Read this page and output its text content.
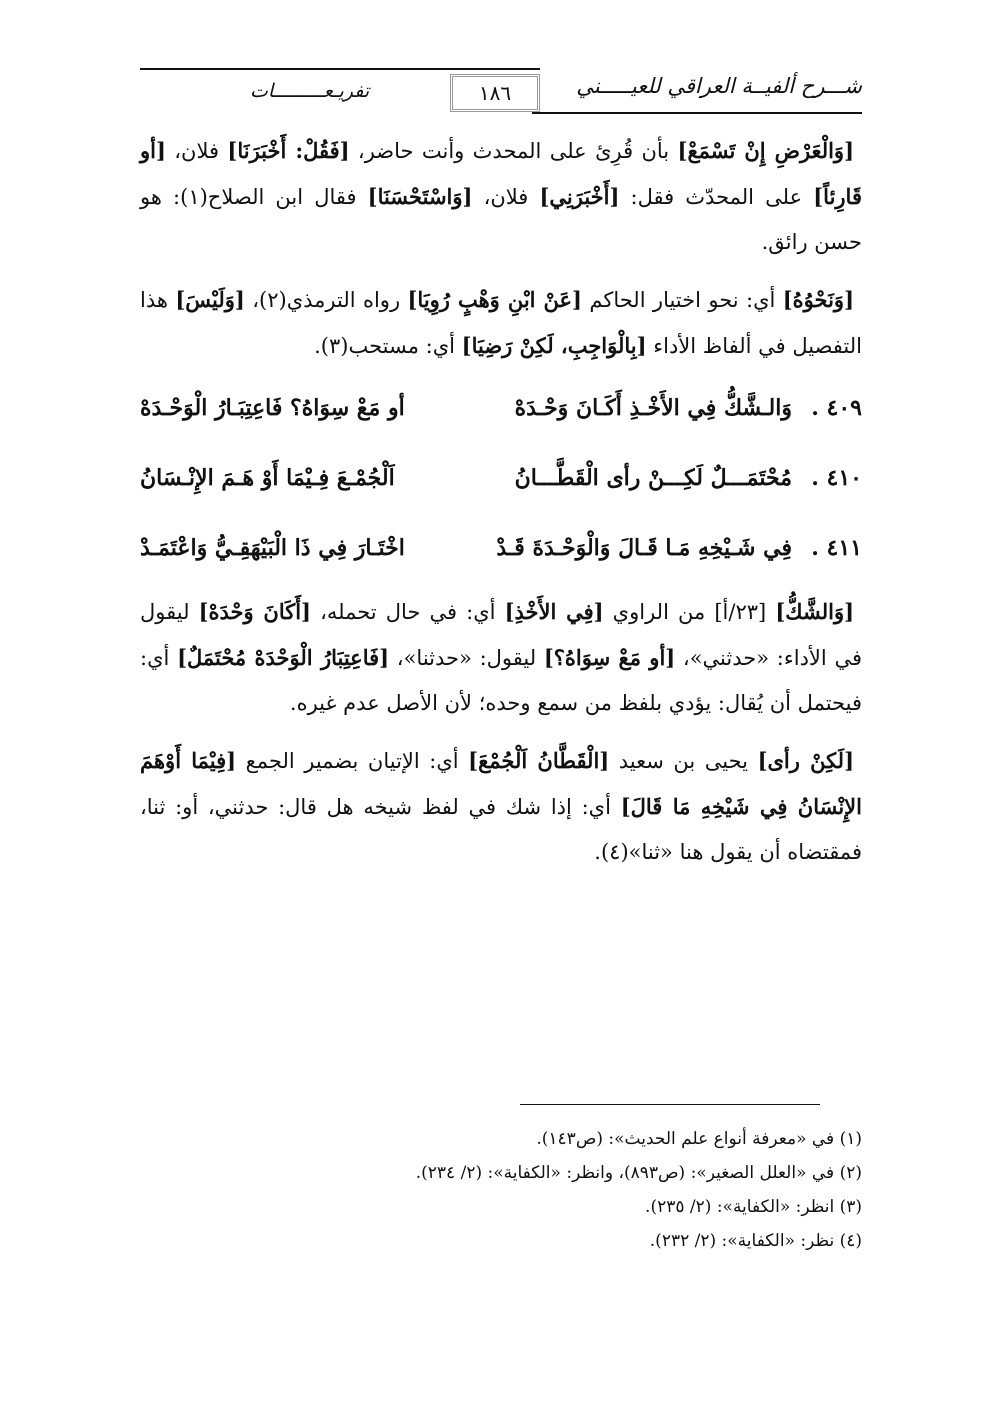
شـــرح ألفيــة العراقي للعيـــــني
١٨٦
تفريـعـــــــــات

[وَالْعَرْضِ إِنْ تَسْمَعْ] بأن قُرِئ على المحدث وأنت حاضر، [فَقُلْ: أَخْبَرَنَا] فلان، [أو قَارِئاً] على المحدّث فقل: [أَخْبَرَنِي] فلان، [وَاسْتَحْسَنَا] فقال ابن الصلاح(١): هو حسن رائق.

[وَنَحْوُهُ] أي: نحو اختيار الحاكم [عَنْ ابْنِ وَهْبٍ رُوِيَا] رواه الترمذي(٢)، [وَلَيْسَ] هذا التفصيل في ألفاظ الأداء [بِالْوَاجِبِ، لَكِنْ رَضِيَا] أي: مستحب(٣).

٤٠٩ .
وَالـشَّكُّ فِي الأَخْـذِ أَكَـانَ وَحْـدَهْ
أو مَعْ سِوَاهُ؟ فَاعِتِبَـارُ الْوَحْـدَهْ
٤١٠ .
مُحْتَمَـــلٌ لَكِـــنْ رأى الْقَطَّـــانُ
اَلْجُمْـعَ فِـيْمَا أَوْ هَـمَ الإِنْـسَانُ
٤١١ .
فِي شَـيْخِهِ مَـا قَـالَ وَالْوَحْـدَةَ قَـدْ
اخْتَـارَ فِي ذَا الْبَيْهَقِـيُّ وَاعْتَمَـدْ

[وَالشَّكُّ] [٢٣/أ] من الراوي [فِي الأَخْذِ] أي: في حال تحمله، [أَكَانَ وَحْدَهْ] ليقول في الأداء: «حدثني»، [أو مَعْ سِوَاهُ؟] ليقول: «حدثنا»، [فَاعِتِبَارُ الْوَحْدَهْ مُحْتَمَلٌ] أي: فيحتمل أن يُقال: يؤدي بلفظ من سمع وحده؛ لأن الأصل عدم غيره.

[لَكِنْ رأى] يحيى بن سعيد [الْقَطَّانُ اَلْجُمْعَ] أي: الإتيان بضمير الجمع [فِيْمَا أَوْهَمَ الإِنْسَانُ فِي شَيْخِهِ مَا قَالَ] أي: إذا شك في لفظ شيخه هل قال: حدثني، أو: ثنا، فمقتضاه أن يقول هنا «ثنا»(٤).

(١) في «معرفة أنواع علم الحديث»: (ص١٤٣).
(٢) في «العلل الصغير»: (ص٨٩٣)، وانظر: «الكفاية»: (٢/ ٢٣٤).
(٣) انظر: «الكفاية»: (٢/ ٢٣٥).
(٤) نظر: «الكفاية»: (٢/ ٢٣٢).
